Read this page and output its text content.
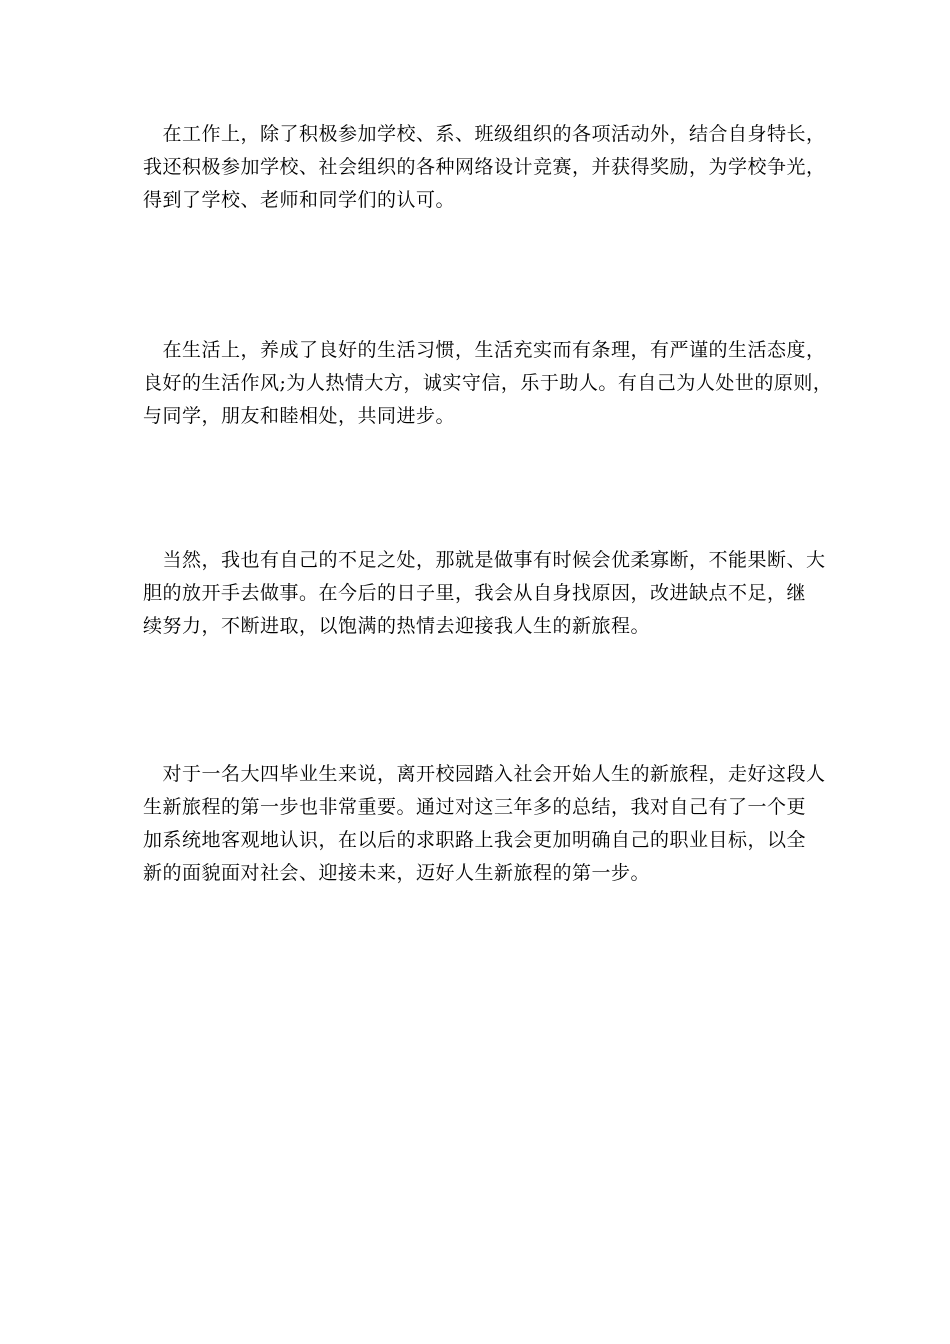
　在工作上，除了积极参加学校、系、班级组织的各项活动外，结合自身特长，
我还积极参加学校、社会组织的各种网络设计竞赛，并获得奖励，为学校争光，
得到了学校、老师和同学们的认可。
　在生活上，养成了良好的生活习惯，生活充实而有条理，有严谨的生活态度，
良好的生活作风;为人热情大方，诚实守信，乐于助人。有自己为人处世的原则，
与同学，朋友和睦相处，共同进步。
　当然，我也有自己的不足之处，那就是做事有时候会优柔寡断，不能果断、大
胆的放开手去做事。在今后的日子里，我会从自身找原因，改进缺点不足，继
续努力，不断进取，以饱满的热情去迎接我人生的新旅程。
　对于一名大四毕业生来说，离开校园踏入社会开始人生的新旅程，走好这段人
生新旅程的第一步也非常重要。通过对这三年多的总结，我对自己有了一个更
加系统地客观地认识，在以后的求职路上我会更加明确自己的职业目标，以全
新的面貌面对社会、迎接未来，迈好人生新旅程的第一步。
